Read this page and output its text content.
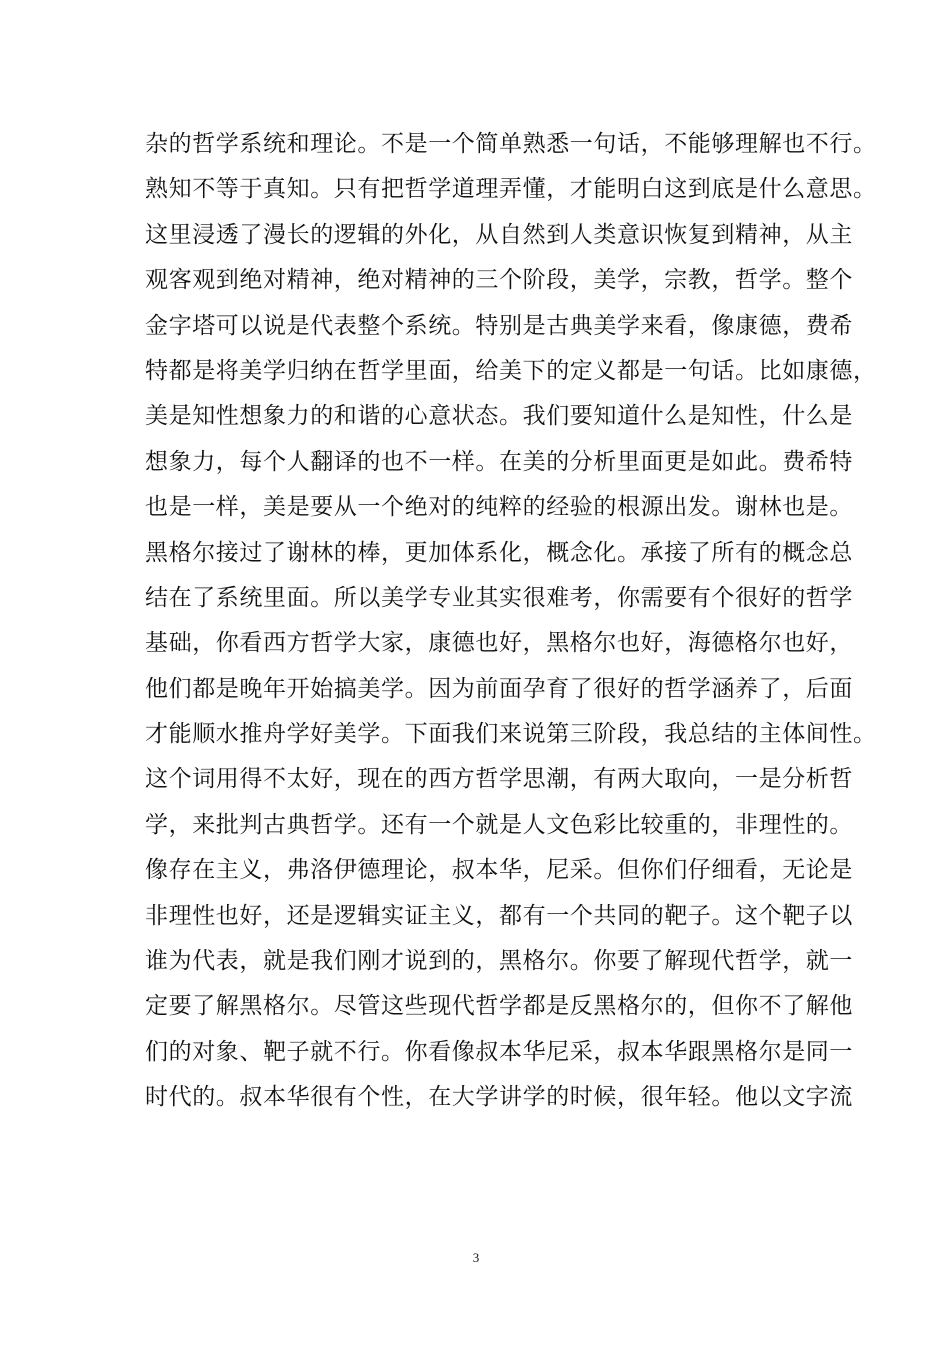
杂的哲学系统和理论。不是一个简单熟悉一句话，不能够理解也不行。
熟知不等于真知。只有把哲学道理弄懂，才能明白这到底是什么意思。
这里浸透了漫长的逻辑的外化，从自然到人类意识恢复到精神，从主
观客观到绝对精神，绝对精神的三个阶段，美学，宗教，哲学。整个
金字塔可以说是代表整个系统。特别是古典美学来看，像康德，费希
特都是将美学归纳在哲学里面，给美下的定义都是一句话。比如康德，
美是知性想象力的和谐的心意状态。我们要知道什么是知性，什么是
想象力，每个人翻译的也不一样。在美的分析里面更是如此。费希特
也是一样，美是要从一个绝对的纯粹的经验的根源出发。谢林也是。
黑格尔接过了谢林的棒，更加体系化，概念化。承接了所有的概念总
结在了系统里面。所以美学专业其实很难考，你需要有个很好的哲学
基础，你看西方哲学大家，康德也好，黑格尔也好，海德格尔也好，
他们都是晚年开始搞美学。因为前面孕育了很好的哲学涵养了，后面
才能顺水推舟学好美学。下面我们来说第三阶段，我总结的主体间性。
这个词用得不太好，现在的西方哲学思潮，有两大取向，一是分析哲
学，来批判古典哲学。还有一个就是人文色彩比较重的，非理性的。
像存在主义，弗洛伊德理论，叔本华，尼采。但你们仔细看，无论是
非理性也好，还是逻辑实证主义，都有一个共同的靶子。这个靶子以
谁为代表，就是我们刚才说到的，黑格尔。你要了解现代哲学，就一
定要了解黑格尔。尽管这些现代哲学都是反黑格尔的，但你不了解他
们的对象、靶子就不行。你看像叔本华尼采，叔本华跟黑格尔是同一
时代的。叔本华很有个性，在大学讲学的时候，很年轻。他以文字流
3
